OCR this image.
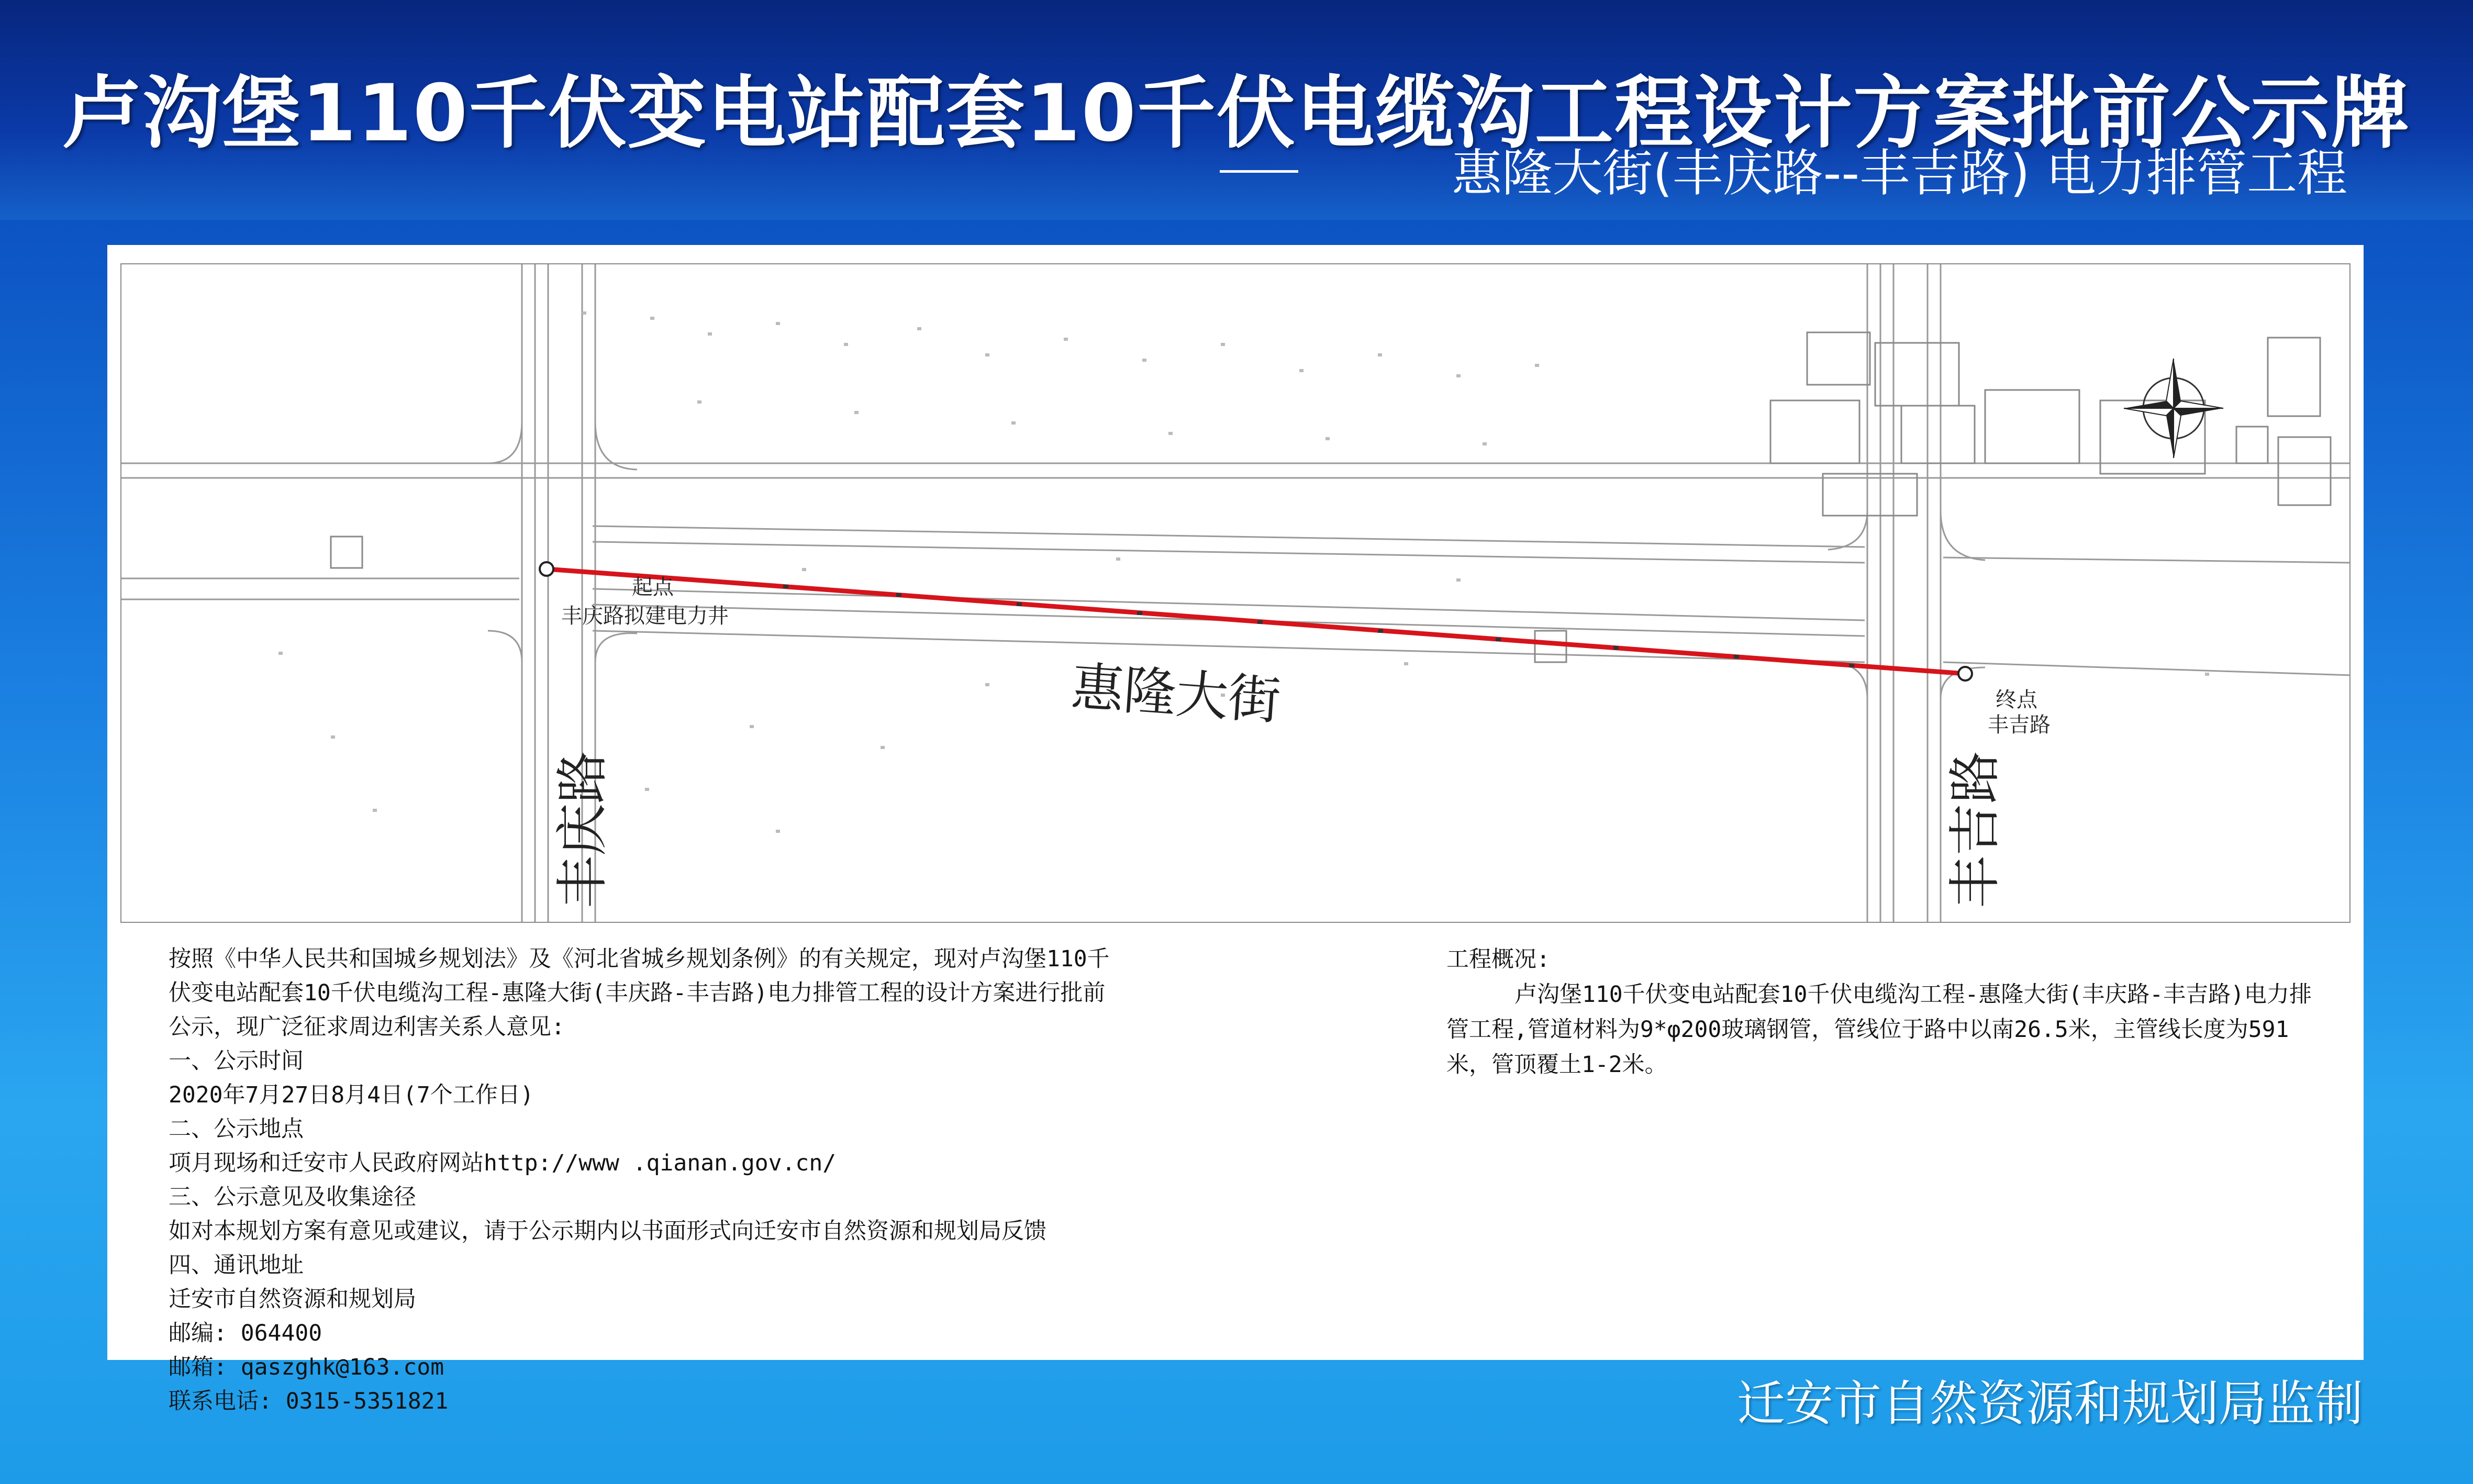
卢沟堡110千伏变电站配套10千伏电缆沟工程设计方案批前公示牌
惠隆大街(丰庆路--丰吉路) 电力排管工程
起点
丰庆路拟建电力井
惠隆大街	终点
丰吉路
丰庆路	丰吉路
按照《中华人民共和国城乡规划法》及《河北省城乡规划条例》的有关规定，现对卢沟堡110千
伏变电站配套10千伏电缆沟工程-惠隆大街(丰庆路-丰吉路)电力排管工程的设计方案进行批前
公示，现广泛征求周边利害关系人意见:
一、公示时间
2020年7月27日8月4日(7个工作日)
二、公示地点
项月现场和迁安市人民政府网站http://www .qianan.gov.cn/
三、公示意见及收集途径
如对本规划方案有意见或建议，请于公示期内以书面形式向迁安市自然资源和规划局反馈
四、通讯地址
迁安市自然资源和规划局
邮编: 064400
邮箱: qaszghk@163.com
联系电话: 0315-5351821
工程概况:
卢沟堡110千伏变电站配套10千伏电缆沟工程-惠隆大街(丰庆路-丰吉路)电力排管工程,管道材料为9*φ200玻璃钢管，管线位于路中以南26.5米，主管线长度为591米，管顶覆土1-2米。
迁安市自然资源和规划局监制
